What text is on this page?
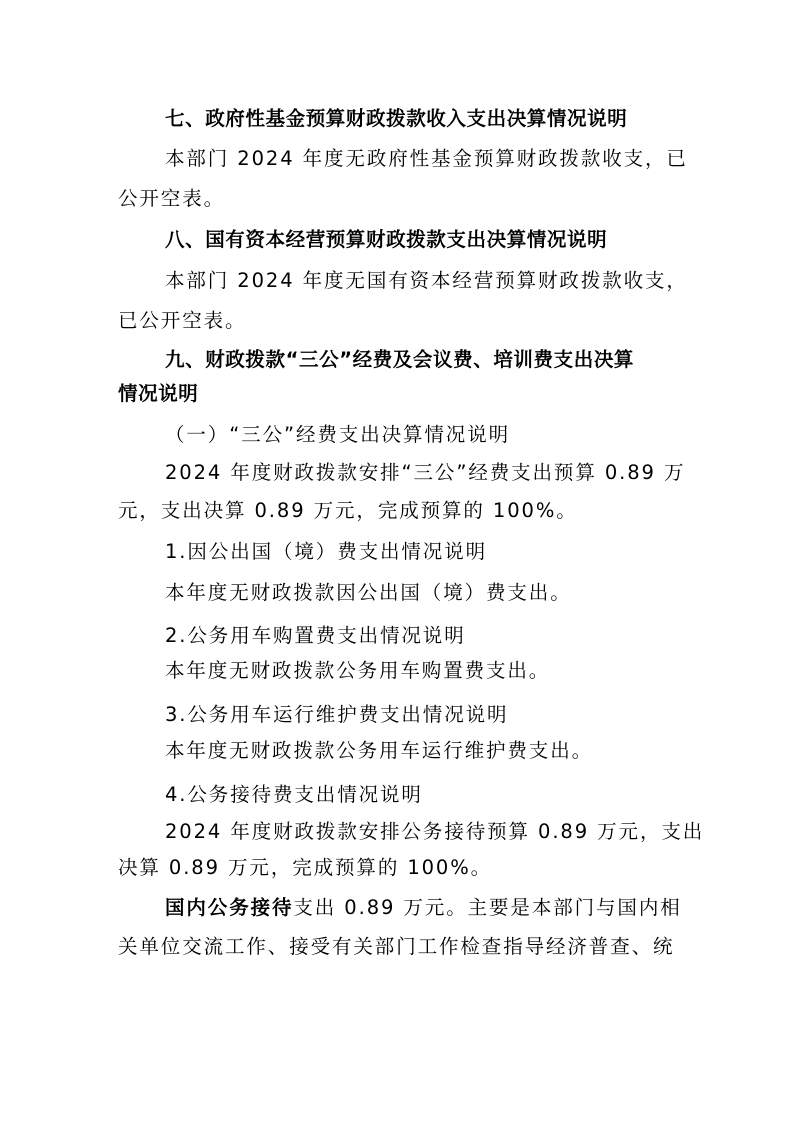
七、政府性基金预算财政拨款收入支出决算情况说明

本部门 2024 年度无政府性基金预算财政拨款收支，已

公开空表。

八、国有资本经营预算财政拨款支出决算情况说明

本部门 2024 年度无国有资本经营预算财政拨款收支，

已公开空表。

九、财政拨款“三公”经费及会议费、培训费支出决算

情况说明

（一）“三公”经费支出决算情况说明

2024 年度财政拨款安排“三公”经费支出预算 0.89 万

元，支出决算 0.89 万元，完成预算的 100%。

1.因公出国（境）费支出情况说明

本年度无财政拨款因公出国（境）费支出。

2.公务用车购置费支出情况说明

本年度无财政拨款公务用车购置费支出。

3.公务用车运行维护费支出情况说明

本年度无财政拨款公务用车运行维护费支出。

4.公务接待费支出情况说明

2024 年度财政拨款安排公务接待预算 0.89 万元，支出

决算 0.89 万元，完成预算的 100%。

国内公务接待支出 0.89 万元。主要是本部门与国内相

关单位交流工作、接受有关部门工作检查指导经济普查、统
